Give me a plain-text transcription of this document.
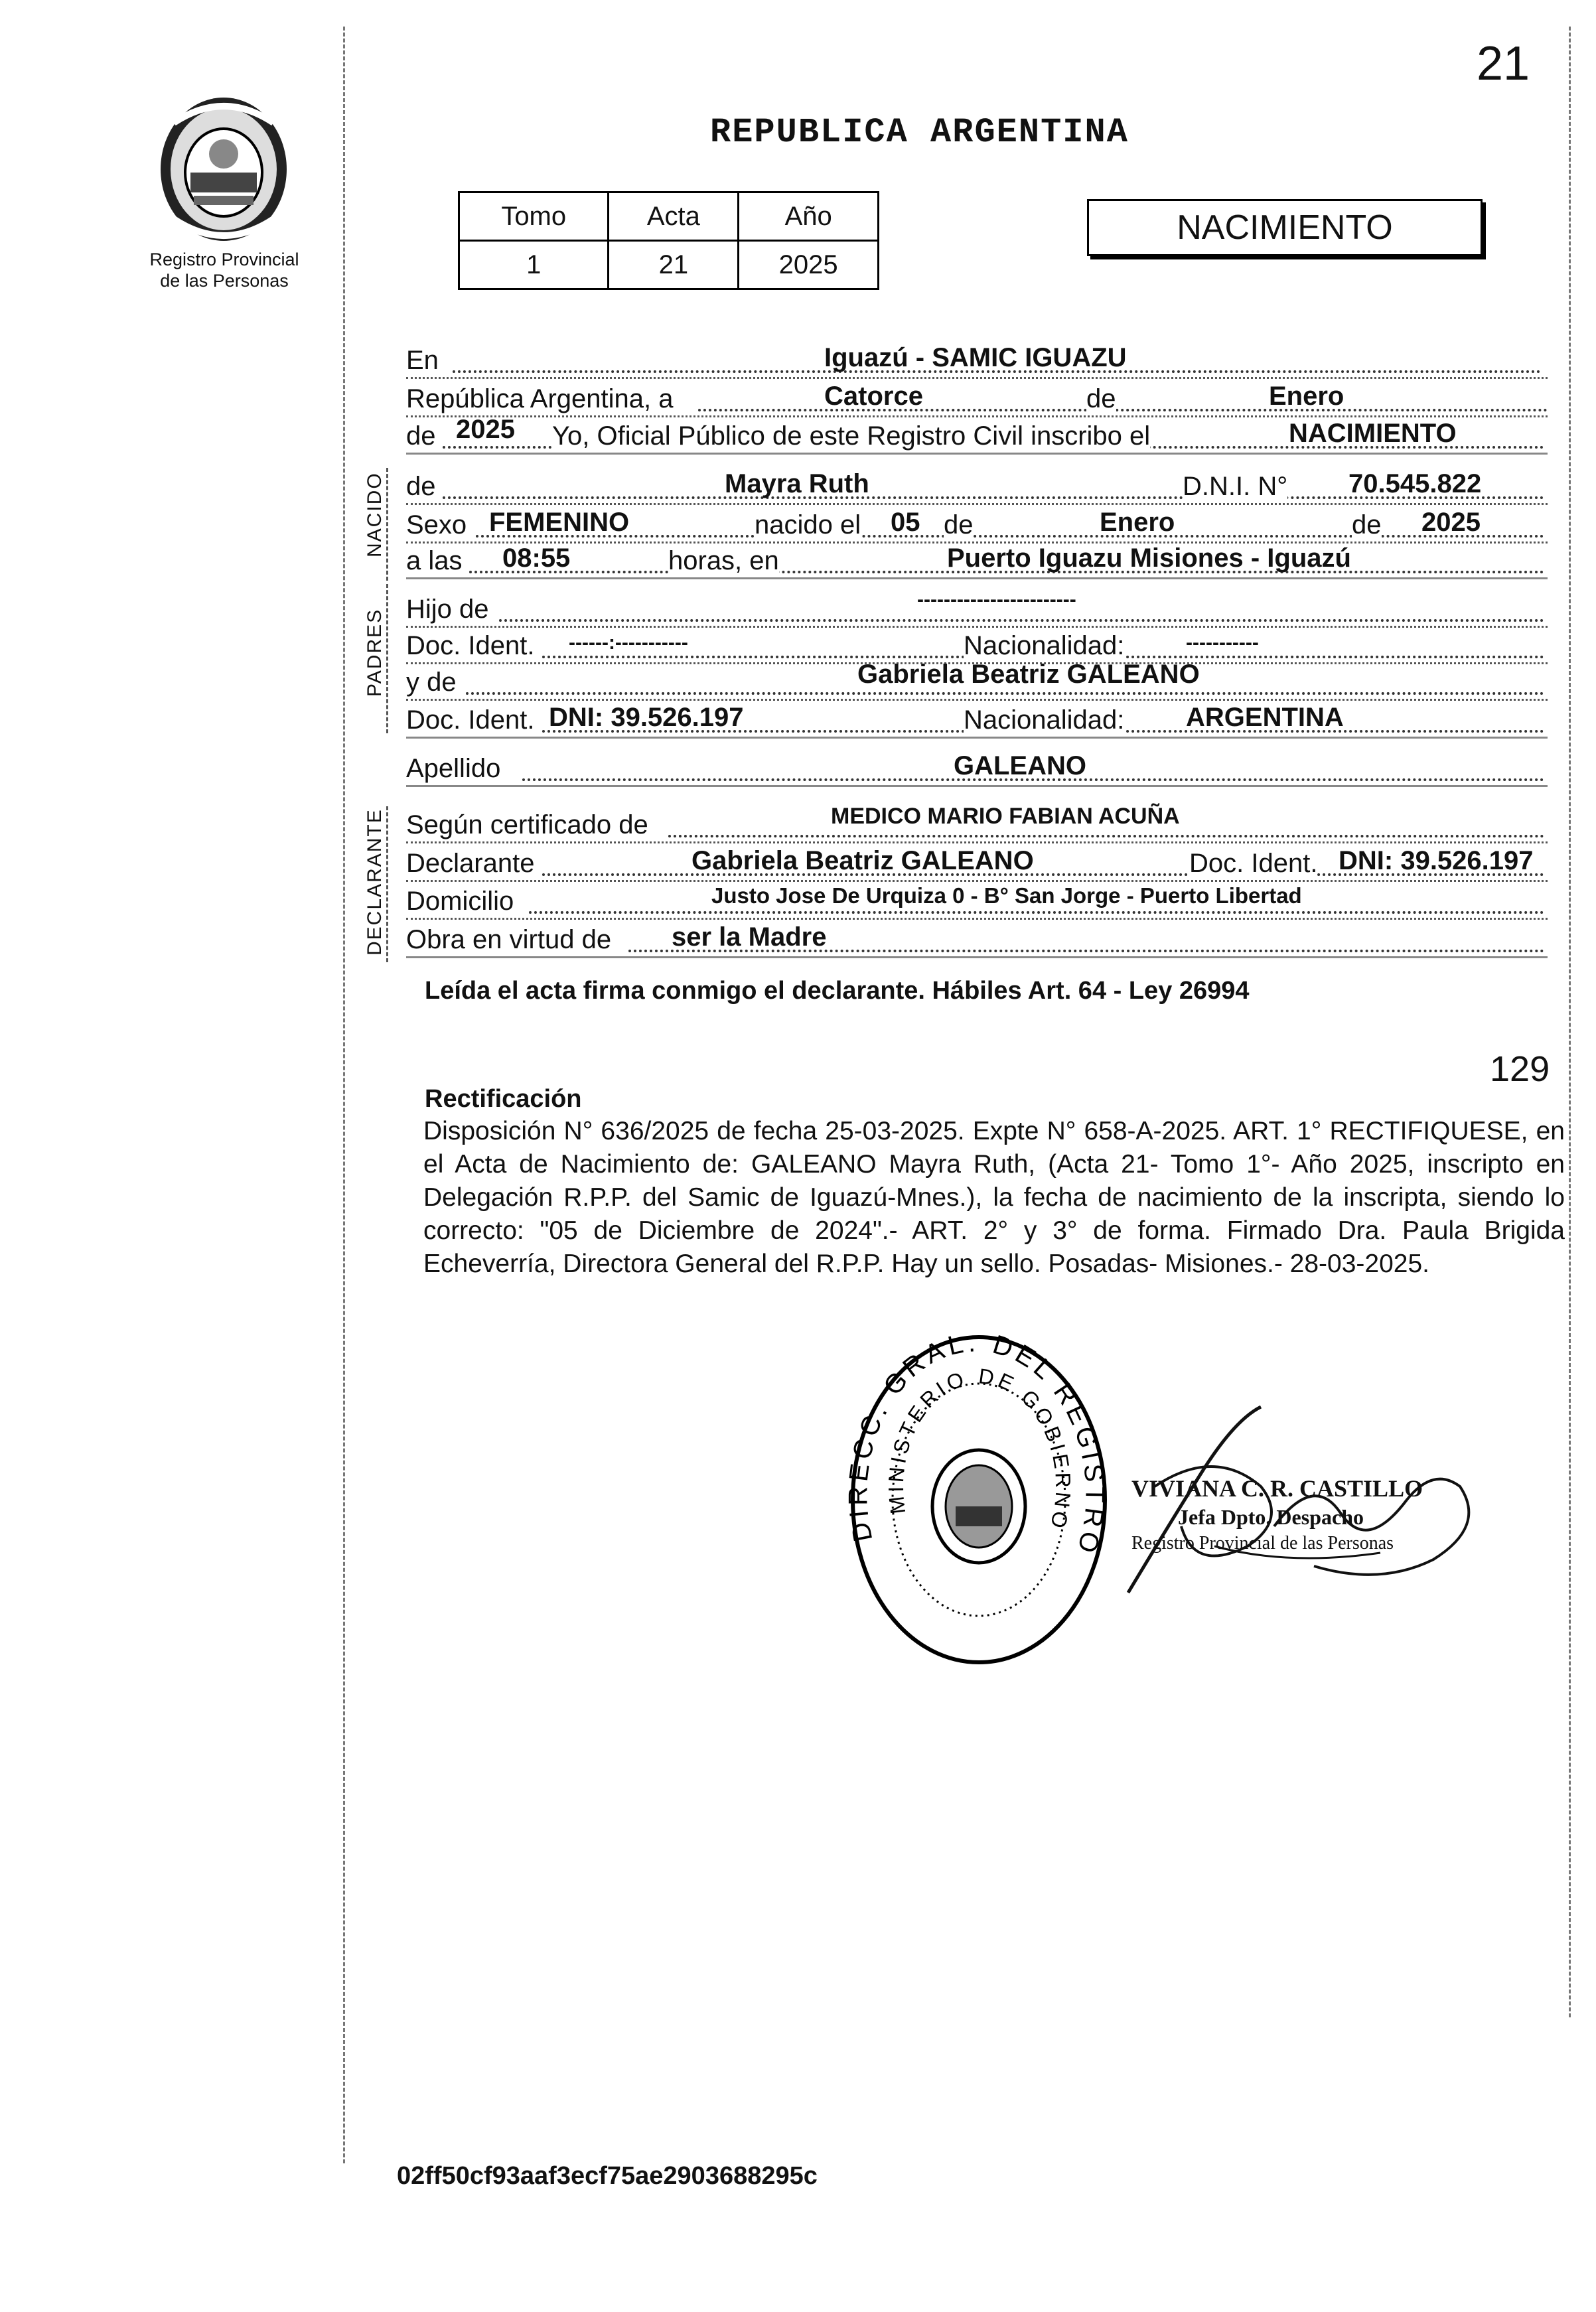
21
Registro Provincial
de las Personas
REPUBLICA ARGENTINA
Tomo	Acta	Año
1	21	2025
NACIMIENTO
En	Iguazú - SAMIC IGUAZU
República Argentina, a	Catorce	de	Enero
de 2025 Yo, Oficial Público de este Registro Civil inscribo el	NACIMIENTO
NACIDO de	Mayra Ruth	D.N.I. N° 70.545.822
Sexo FEMENINO	nacido el 05 de	Enero	de 2025
a las 08:55	horas, en	Puerto Iguazu Misiones - Iguazú
PADRES Hijo de	------------------------
Doc. Ident. ------:-----------	Nacionalidad:	-----------
y de	Gabriela Beatriz GALEANO
Doc. Ident. DNI: 39.526.197	Nacionalidad: ARGENTINA
Apellido	GALEANO
DECLARANTE Según certificado de	MEDICO MARIO FABIAN ACUÑA
Declarante	Gabriela Beatriz GALEANO	Doc. Ident. DNI: 39.526.197
Domicilio	Justo Jose De Urquiza 0 - B° San Jorge - Puerto Libertad
Obra en virtud de ser la Madre
Leída el acta firma conmigo el declarante. Hábiles Art. 64 - Ley 26994
129
Rectificación
Disposición N° 636/2025 de fecha 25-03-2025. Expte N° 658-A-2025. ART. 1° RECTIFIQUESE, en el Acta de Nacimiento de: GALEANO Mayra Ruth, (Acta 21- Tomo 1°- Año 2025, inscripto en Delegación R.P.P. del Samic de Iguazú-Mnes.), la fecha de nacimiento de la inscripta, siendo lo correcto: "05 de Diciembre de 2024".- ART. 2° y 3° de forma. Firmado Dra. Paula Brigida Echeverría, Directora General del R.P.P. Hay un sello. Posadas- Misiones.- 28-03-2025.
DIRECC. GRAL. DEL REGISTRO
MINISTERIO DE GOBIERNO
VIVIANA C. R. CASTILLO
Jefa Dpto. Despacho
Registro Provincial de las Personas
02ff50cf93aaf3ecf75ae2903688295c
